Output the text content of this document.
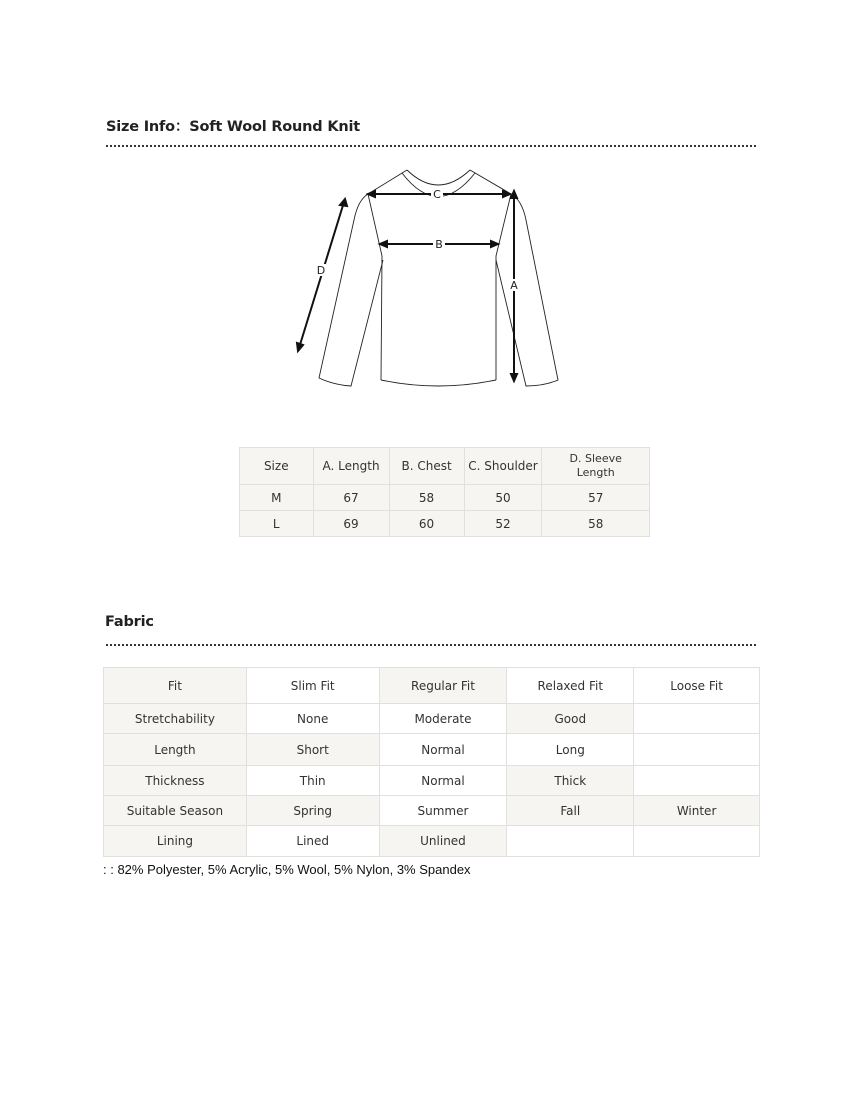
Size Info：Soft Wool Round Knit
C
B
A
D
Size	A. Length	B. Chest	C. Shoulder	D. Sleeve Length
M	67	58	50	57
L	69	60	52	58
Fabric
Fit	Slim Fit	Regular Fit	Relaxed Fit	Loose Fit
Stretchability	None	Moderate	Good	
Length	Short	Normal	Long	
Thickness	Thin	Normal	Thick	
Suitable Season	Spring	Summer	Fall	Winter
Lining	Lined	Unlined		
: : 82% Polyester, 5% Acrylic, 5% Wool, 5% Nylon, 3% Spandex
